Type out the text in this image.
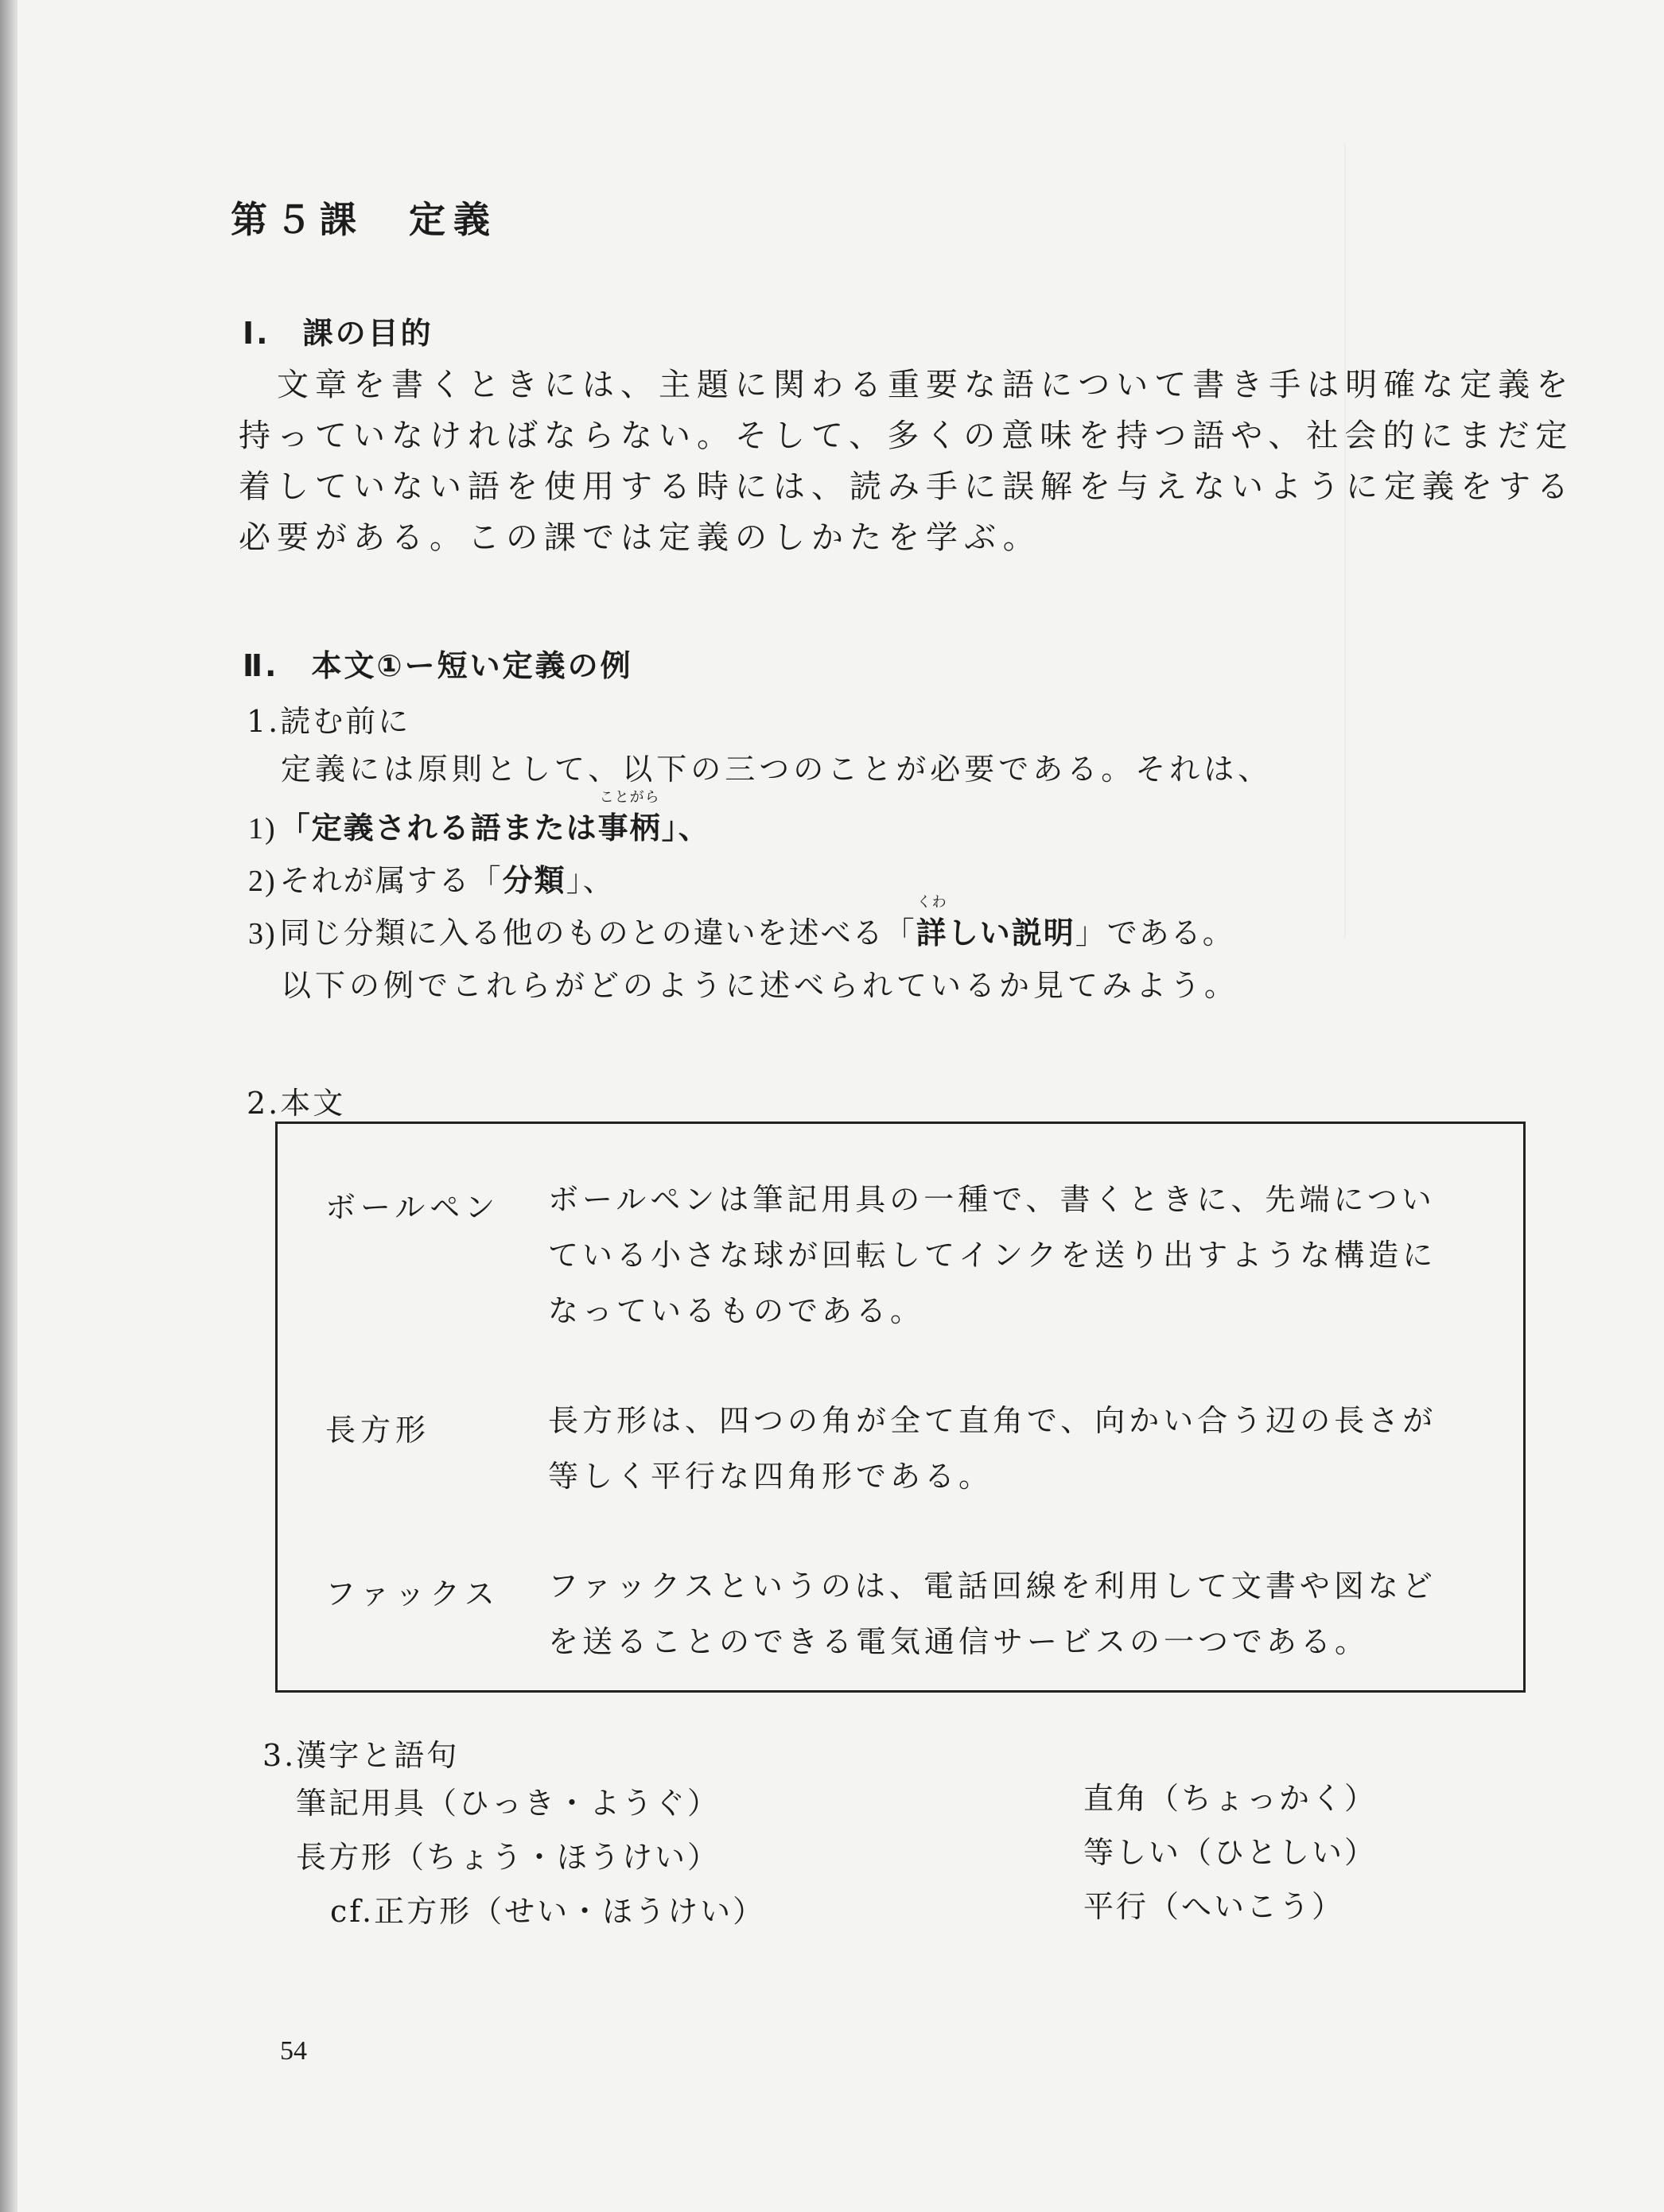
第５課　定義
Ⅰ.　課の目的
　文章を書くときには、主題に関わる重要な語について書き手は明確な定義を
持っていなければならない。そして、多くの意味を持つ語や、社会的にまだ定
着していない語を使用する時には、読み手に誤解を与えないように定義をする
必要がある。この課では定義のしかたを学ぶ。
Ⅱ.　本文①ー短い定義の例
1.読む前に
　定義には原則として、以下の三つのことが必要である。それは、
1) 「定義される語または事柄
ことがら
」、
2) それが属する「分類」、
3) 同じ分類に入る他のものとの違いを述べる「詳
くわ
しい説明」である。
　以下の例でこれらがどのように述べられているか見てみよう。
2.本文
ボールペン ボールペンは筆記用具の一種で、書くときに、先端につい
ている小さな球が回転してインクを送り出すような構造に
なっているものである。
長方形	長方形は、四つの角が全て直角で、向かい合う辺の長さが
等しく平行な四角形である。
ファックス ファックスというのは、電話回線を利用して文書や図など
を送ることのできる電気通信サービスの一つである。
3.漢字と語句
筆記用具（ひっき・ようぐ）
長方形（ちょう・ほうけい）
cf.正方形（せい・ほうけい）
直角（ちょっかく）
等しい（ひとしい）
平行（へいこう）
54
